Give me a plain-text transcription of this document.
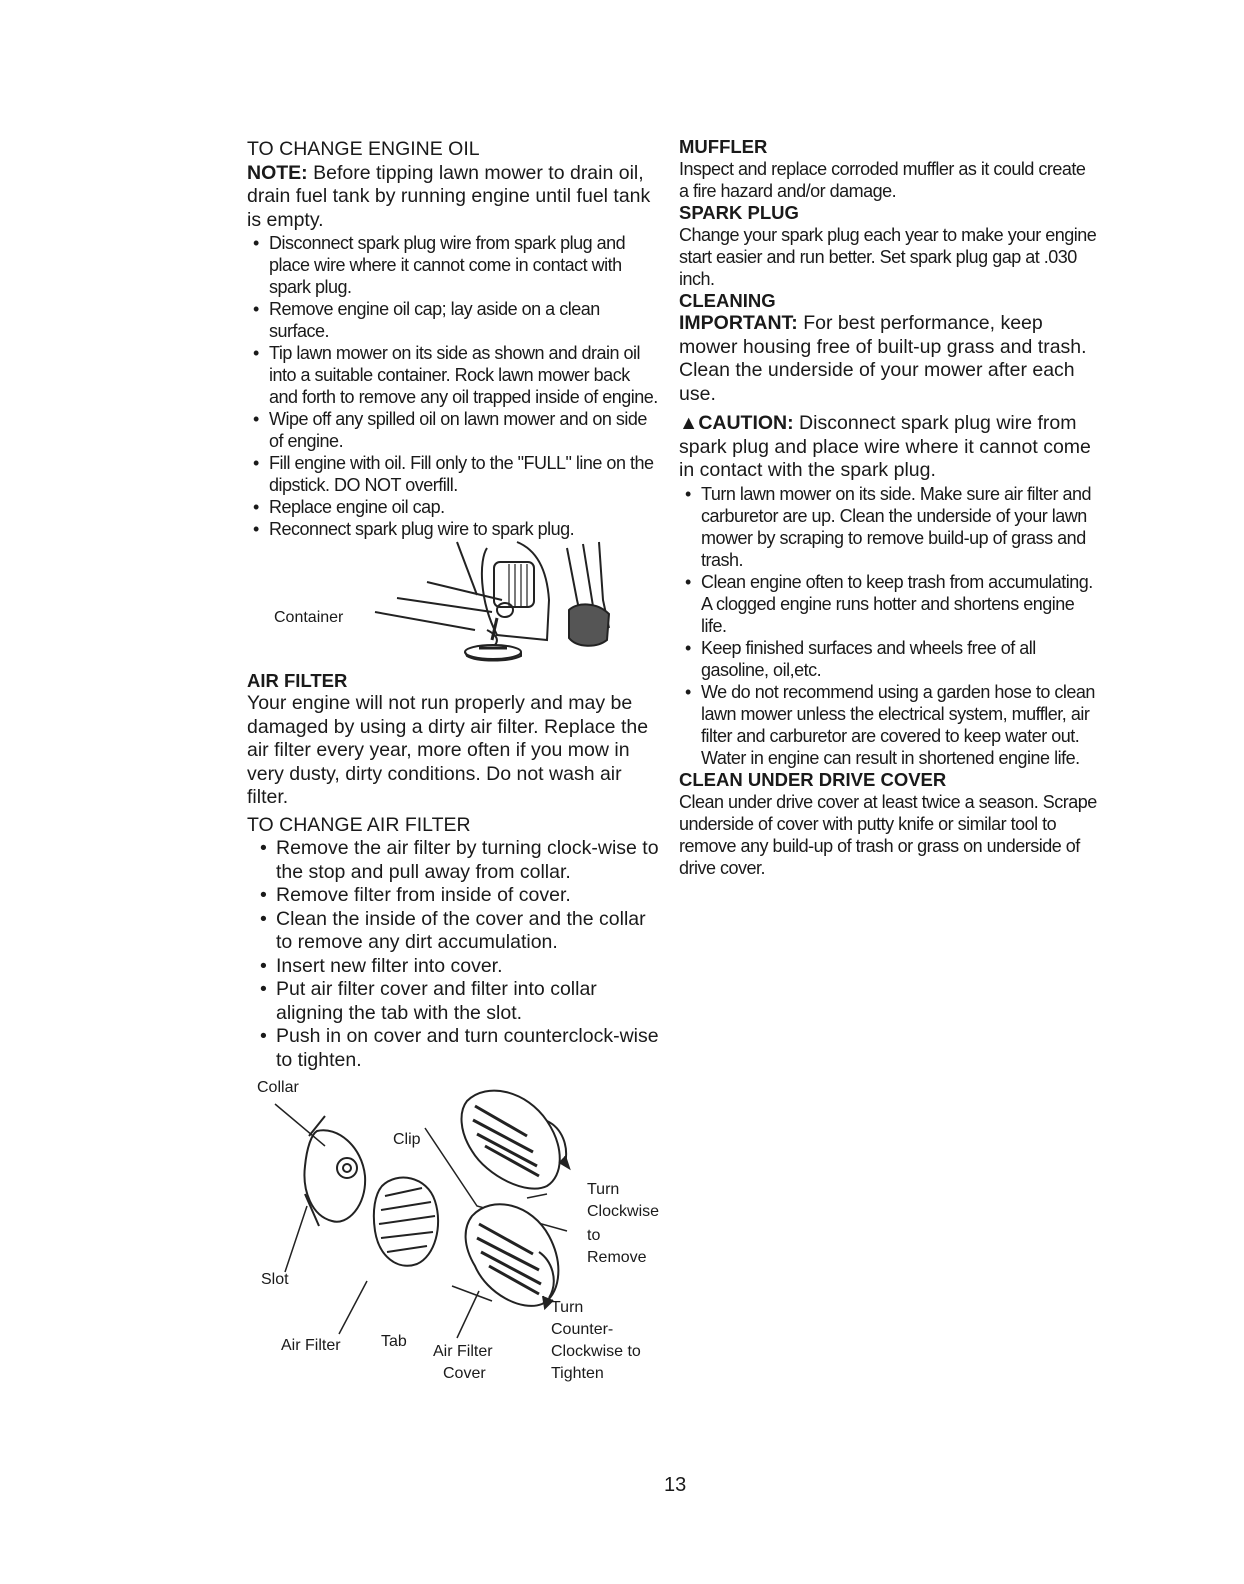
TO CHANGE ENGINE OIL

NOTE: Before tipping lawn mower to drain oil, drain fuel tank by running engine until fuel tank is empty.

• Disconnect spark plug wire from spark plug and place wire where it cannot come in contact with spark plug.
• Remove engine oil cap; lay aside on a clean surface.
• Tip lawn mower on its side as shown and drain oil into a suitable container. Rock lawn mower back and forth to remove any oil trapped inside of engine.
• Wipe off any spilled oil on lawn mower and on side of engine.
• Fill engine with oil. Fill only to the "FULL" line on the dipstick. DO NOT overfill.
• Replace engine oil cap.
• Reconnect spark plug wire to spark plug.

Container

AIR FILTER

Your engine will not run properly and may be damaged by using a dirty air filter. Replace the air filter every year, more often if you mow in very dusty, dirty conditions. Do not wash air filter.

TO CHANGE AIR FILTER

• Remove the air filter by turning clock-wise to the stop and pull away from collar.
• Remove filter from inside of cover.
• Clean the inside of the cover and the collar to remove any dirt accumulation.
• Insert new filter into cover.
• Put air filter cover and filter into collar aligning the tab with the slot.
• Push in on cover and turn counterclock-wise to tighten.

Collar

Clip

Slot

Air Filter	Tab

Air Filter

Cover

Turn

Clockwise

to

Remove

Turn

Counter-

Clockwise to

Tighten

MUFFLER

Inspect and replace corroded muffler as it could create a fire hazard and/or damage.

SPARK PLUG

Change your spark plug each year to make your engine start easier and run better. Set spark plug gap at .030 inch.

CLEANING

IMPORTANT: For best performance, keep mower housing free of built-up grass and trash. Clean the underside of your mower after each use.

▲CAUTION: Disconnect spark plug wire from spark plug and place wire where it cannot come in contact with the spark plug.

• Turn lawn mower on its side. Make sure air filter and carburetor are up. Clean the underside of your lawn mower by scraping to remove build-up of grass and trash.
• Clean engine often to keep trash from accumulating. A clogged engine runs hotter and shortens engine life.
• Keep finished surfaces and wheels free of all gasoline, oil,etc.
• We do not recommend using a garden hose to clean lawn mower unless the electrical system, muffler, air filter and carburetor are covered to keep water out. Water in engine can result in shortened engine life.

CLEAN UNDER DRIVE COVER

Clean under drive cover at least twice a season. Scrape underside of cover with putty knife or similar tool to remove any build-up of trash or grass on underside of drive cover.

13
